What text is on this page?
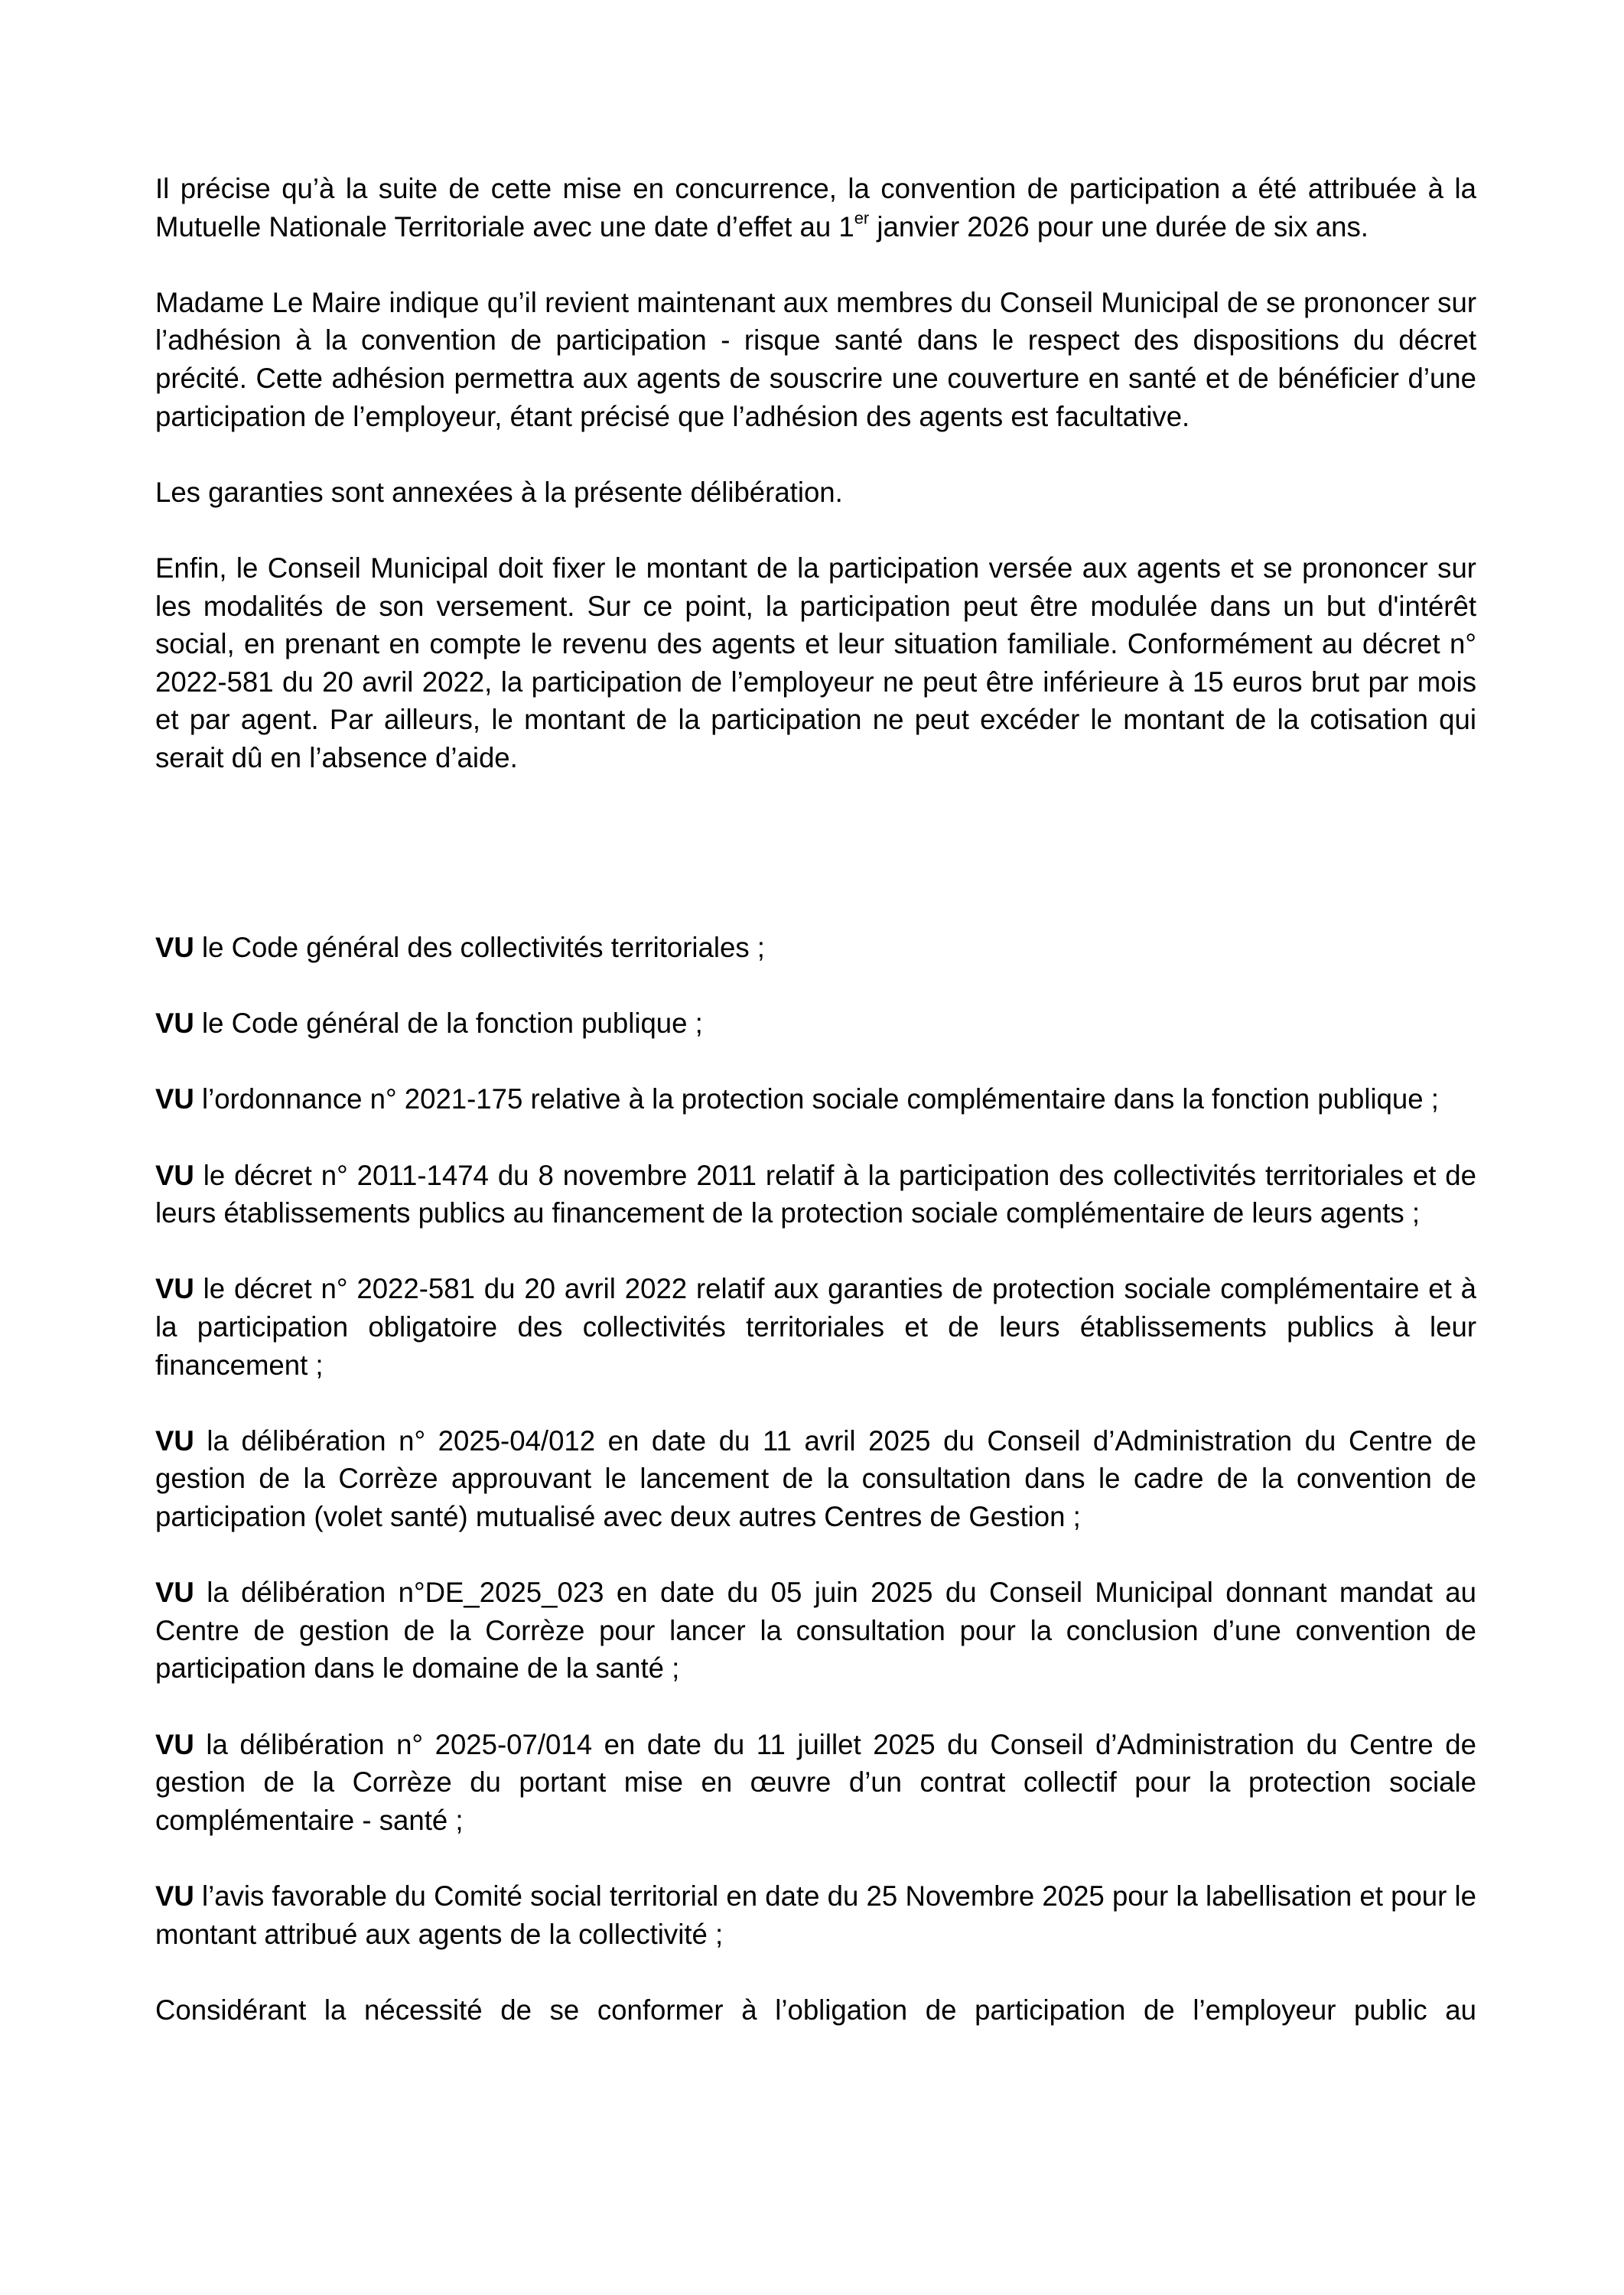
Il précise qu’à la suite de cette mise en concurrence, la convention de participation a été attribuée à la Mutuelle Nationale Territoriale avec une date d’effet au 1er janvier 2026 pour une durée de six ans.

Madame Le Maire indique qu’il revient maintenant aux membres du Conseil Municipal de se prononcer sur l’adhésion à la convention de participation - risque santé dans le respect des dispositions du décret précité. Cette adhésion permettra aux agents de souscrire une couverture en santé et de bénéficier d’une participation de l’employeur, étant précisé que l’adhésion des agents est facultative.

Les garanties sont annexées à la présente délibération.

Enfin, le Conseil Municipal doit fixer le montant de la participation versée aux agents et se prononcer sur les modalités de son versement. Sur ce point, la participation peut être modulée dans un but d'intérêt social, en prenant en compte le revenu des agents et leur situation familiale. Conformément au décret n° 2022-581 du 20 avril 2022, la participation de l’employeur ne peut être inférieure à 15 euros brut par mois et par agent. Par ailleurs, le montant de la participation ne peut excéder le montant de la cotisation qui serait dû en l’absence d’aide.

VU le Code général des collectivités territoriales ;

VU le Code général de la fonction publique ;

VU l’ordonnance n° 2021-175 relative à la protection sociale complémentaire dans la fonction publique ;

VU le décret n° 2011-1474 du 8 novembre 2011 relatif à la participation des collectivités territoriales et de leurs établissements publics au financement de la protection sociale complémentaire de leurs agents ;

VU le décret n° 2022-581 du 20 avril 2022 relatif aux garanties de protection sociale complémentaire et à la participation obligatoire des collectivités territoriales et de leurs établissements publics à leur financement ;

VU la délibération n° 2025-04/012 en date du 11 avril 2025 du Conseil d’Administration du Centre de gestion de la Corrèze approuvant le lancement de la consultation dans le cadre de la convention de participation (volet santé) mutualisé avec deux autres Centres de Gestion ;

VU la délibération n°DE_2025_023 en date du 05 juin 2025 du Conseil Municipal donnant mandat au Centre de gestion de la Corrèze pour lancer la consultation pour la conclusion d’une convention de participation dans le domaine de la santé ;

VU la délibération n° 2025-07/014 en date du 11 juillet 2025 du Conseil d’Administration du Centre de gestion de la Corrèze du portant mise en œuvre d’un contrat collectif pour la protection sociale complémentaire - santé ;

VU l’avis favorable du Comité social territorial en date du 25 Novembre 2025 pour la labellisation et pour le montant attribué aux agents de la collectivité ;

Considérant la nécessité de se conformer à l’obligation de participation de l’employeur public au
